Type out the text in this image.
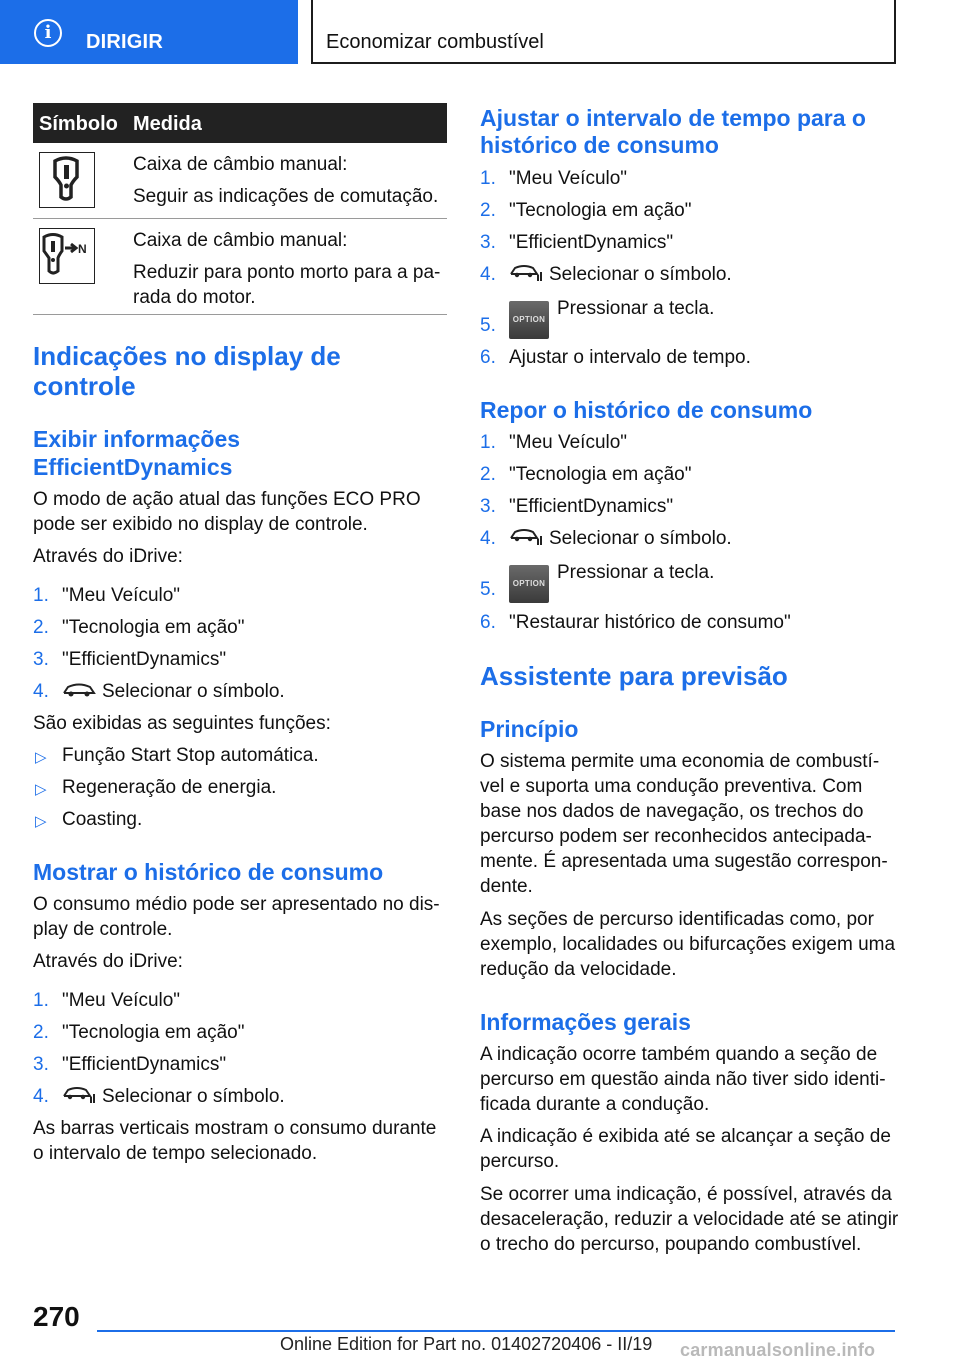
i	DIRIGIR	Economizar combustível
Símbolo Medida
Caixa de câmbio manual:
Seguir as indicações de comutação.
N Caixa de câmbio manual:
Reduzir para ponto morto para a pa-
rada do motor.
Indicações no display de
controle
Exibir informações
EfficientDynamics
O modo de ação atual das funções ECO PRO
pode ser exibido no display de controle.
Através do iDrive:
1. "Meu Veículo"
2. "Tecnologia em ação"
3. "EfficientDynamics"
4.	Selecionar o símbolo.
São exibidas as seguintes funções:
▷ Função Start Stop automática.
▷ Regeneração de energia.
▷ Coasting.
Mostrar o histórico de consumo
O consumo médio pode ser apresentado no dis-
play de controle.
Através do iDrive:
1. "Meu Veículo"
2. "Tecnologia em ação"
3. "EfficientDynamics"
4.	Selecionar o símbolo.
As barras verticais mostram o consumo durante
o intervalo de tempo selecionado.
Ajustar o intervalo de tempo para o
histórico de consumo
1. "Meu Veículo"
2. "Tecnologia em ação"
3. "EfficientDynamics"
4.	Selecionar o símbolo.
5.	OPTIONPressionar a tecla.
6. Ajustar o intervalo de tempo.
Repor o histórico de consumo
1. "Meu Veículo"
2. "Tecnologia em ação"
3. "EfficientDynamics"
4.	Selecionar o símbolo.
5.	OPTIONPressionar a tecla.
6. "Restaurar histórico de consumo"
Assistente para previsão
Princípio
O sistema permite uma economia de combustí-
vel e suporta uma condução preventiva. Com
base nos dados de navegação, os trechos do
percurso podem ser reconhecidos antecipada-
mente. É apresentada uma sugestão correspon-
dente.
As seções de percurso identificadas como, por
exemplo, localidades ou bifurcações exigem uma
redução da velocidade.
Informações gerais
A indicação ocorre também quando a seção de
percurso em questão ainda não tiver sido identi-
ficada durante a condução.
A indicação é exibida até se alcançar a seção de
percurso.
Se ocorrer uma indicação, é possível, através da
desaceleração, reduzir a velocidade até se atingir
o trecho do percurso, poupando combustível.
270
Online Edition for Part no. 01402720406 - II/19 carmanualsonline.info
